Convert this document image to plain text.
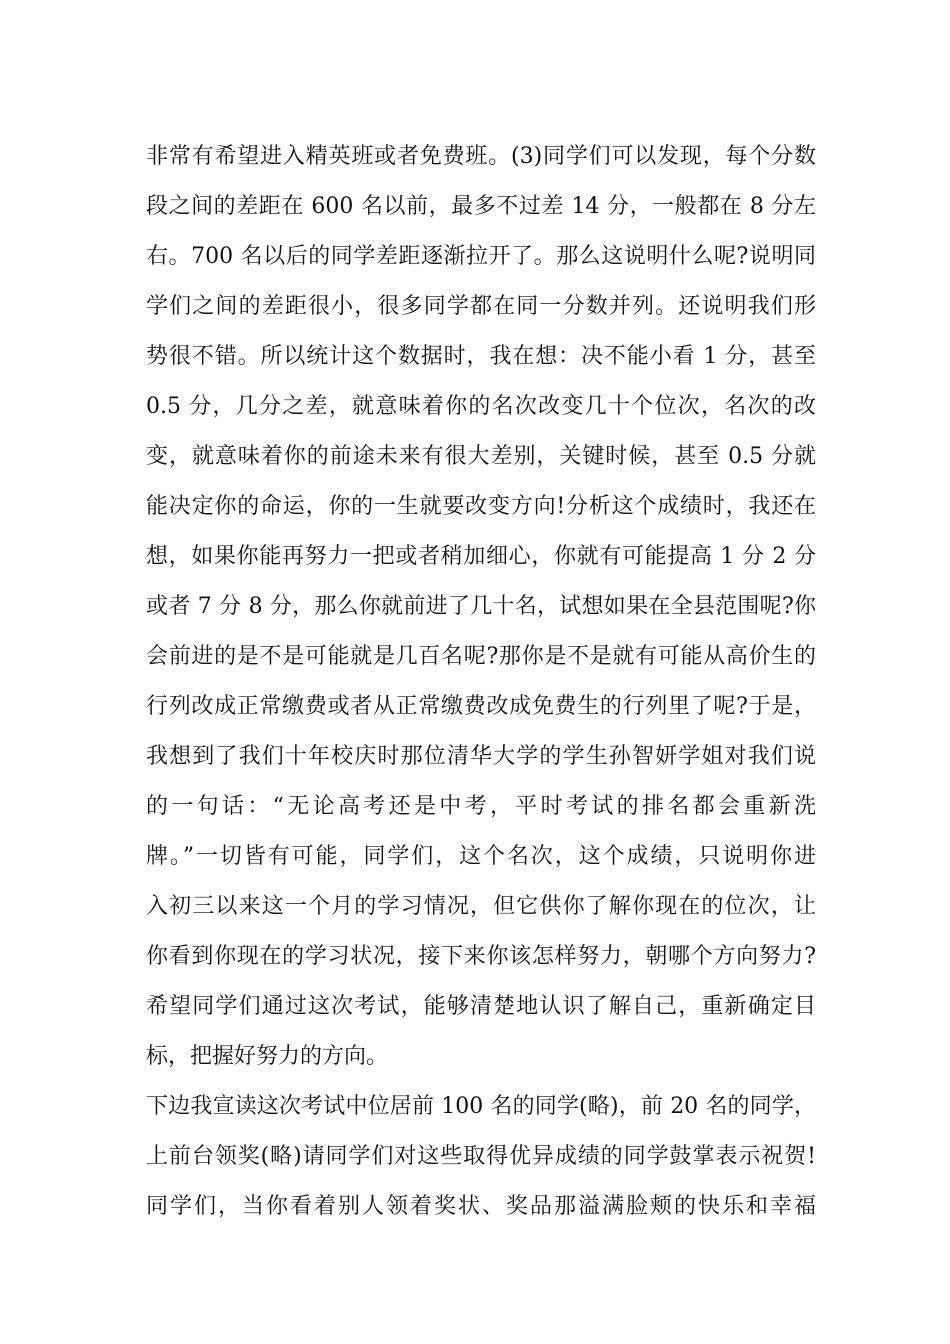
非常有希望进入精英班或者免费班。(3)同学们可以发现，每个分数
段之间的差距在 600 名以前，最多不过差 14 分，一般都在 8 分左
右。700 名以后的同学差距逐渐拉开了。那么这说明什么呢?说明同
学们之间的差距很小，很多同学都在同一分数并列。还说明我们形
势很不错。所以统计这个数据时，我在想：决不能小看 1 分，甚至
0.5 分，几分之差，就意味着你的名次改变几十个位次，名次的改
变，就意味着你的前途未来有很大差别，关键时候，甚至 0.5 分就
能决定你的命运，你的一生就要改变方向!分析这个成绩时，我还在
想，如果你能再努力一把或者稍加细心，你就有可能提高 1 分 2 分
或者 7 分 8 分，那么你就前进了几十名，试想如果在全县范围呢?你
会前进的是不是可能就是几百名呢?那你是不是就有可能从高价生的
行列改成正常缴费或者从正常缴费改成免费生的行列里了呢?于是，
我想到了我们十年校庆时那位清华大学的学生孙智妍学姐对我们说
的一句话：“无论高考还是中考，平时考试的排名都会重新洗
牌。”一切皆有可能，同学们，这个名次，这个成绩，只说明你进
入初三以来这一个月的学习情况，但它供你了解你现在的位次，让
你看到你现在的学习状况，接下来你该怎样努力，朝哪个方向努力?
希望同学们通过这次考试，能够清楚地认识了解自己，重新确定目
标，把握好努力的方向。
下边我宣读这次考试中位居前 100 名的同学(略)，前 20 名的同学，
上前台领奖(略)请同学们对这些取得优异成绩的同学鼓掌表示祝贺!
同学们，当你看着别人领着奖状、奖品那溢满脸颊的快乐和幸福
